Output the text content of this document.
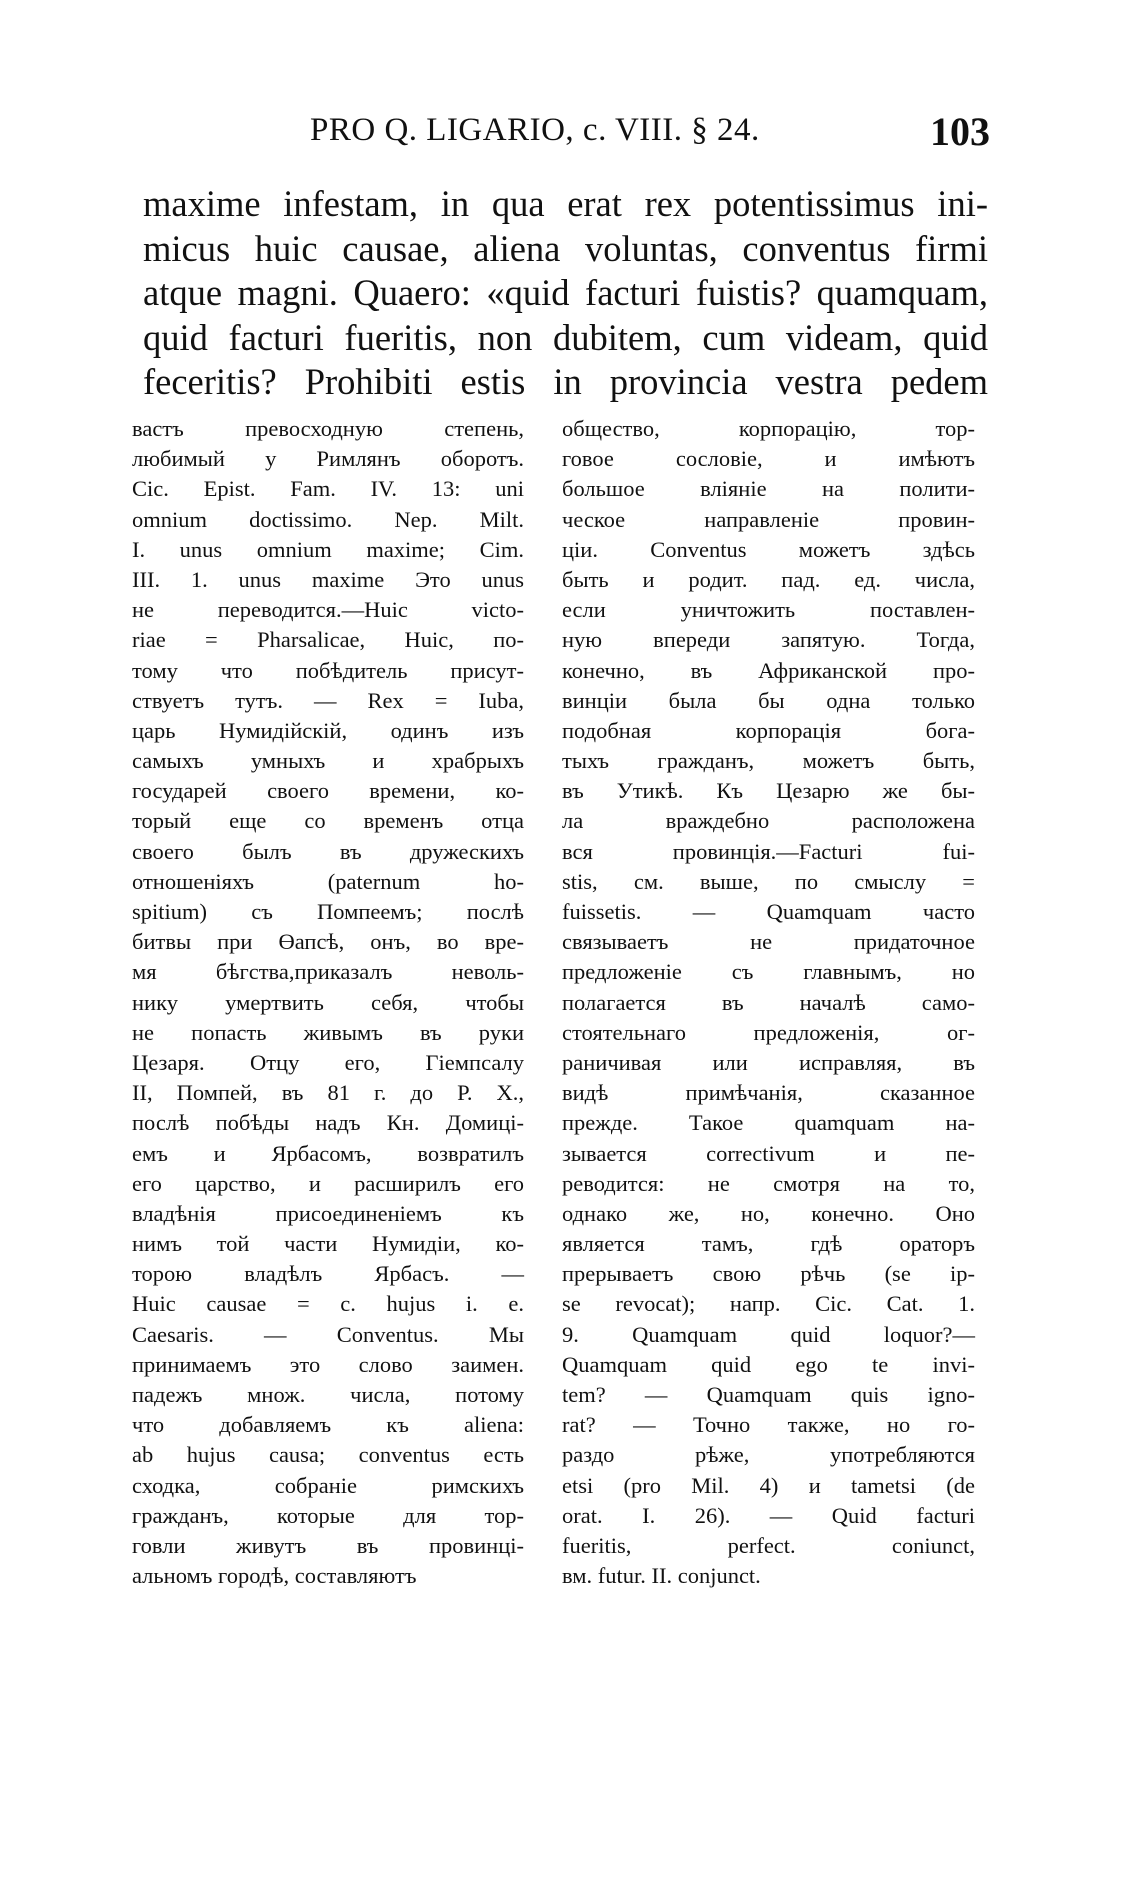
PRO Q. LIGARIO, c. VIII. § 24.	103
maxime infestam, in qua erat rex potentissimus ini-
micus huic causae, aliena voluntas, conventus firmi
atque magni. Quaero: «quid facturi fuistis? quamquam,
quid facturi fueritis, non dubitem, cum videam, quid
feceritis? Prohibiti estis in provincia vestra pedem
вастъ превосходную степень,
любимый у Римлянъ оборотъ.
Cic. Epist. Fam. IV. 13: uni
omnium doctissimo. Nep. Milt.
I. unus omnium maxime; Cim.
III. 1. unus maxime Это unus
не переводится.—Huic victo-
riae = Pharsalicae, Huic, по-
тому что побѣдитель присут-
ствуетъ тутъ. — Rex = Iuba,
царь Нумидійскій, одинъ изъ
самыхъ умныхъ и храбрыхъ
государей своего времени, ко-
торый еще со временъ отца
своего былъ въ дружескихъ
отношеніяхъ (paternum ho-
spitium) съ Помпеемъ; послѣ
битвы при Өапсѣ, онъ, во вре-
мя бѣгства,приказалъ неволь-
нику умертвить себя, чтобы
не попасть живымъ въ руки
Цезаря. Отцу его, Гіемпсалу
II, Помпей, въ 81 г. до Р. Х.,
послѣ побѣды надъ Кн. Домиці-
емъ и Ярбасомъ, возвратилъ
его царство, и расширилъ его
владѣнія присоединеніемъ къ
нимъ той части Нумидіи, ко-
торою владѣлъ Ярбасъ. —
Huic causae = c. hujus i. e.
Caesaris. — Conventus. Мы
принимаемъ это слово заимен.
падежъ множ. числа, потому
что добавляемъ къ aliena:
ab hujus causa; conventus есть
сходка, собраніе римскихъ
гражданъ, которые для тор-
говли живутъ въ провинці-
альномъ городѣ, составляютъ
общество, корпорацію, тор-
говое сословіе, и имѣютъ
большое вліяніе на полити-
ческое направленіе провин-
ціи. Conventus можетъ здѣсь
быть и родит. пад. ед. числа,
если уничтожить поставлен-
ную впереди запятую. Тогда,
конечно, въ Африканской про-
винціи была бы одна только
подобная корпорація бога-
тыхъ гражданъ, можетъ быть,
въ Утикѣ. Къ Цезарю же бы-
ла враждебно расположена
вся провинція.—Facturi fui-
stis, см. выше, по смыслу =
fuissetis. — Quamquam часто
связываетъ не придаточное
предложеніе съ главнымъ, но
полагается въ началѣ само-
стоятельнаго предложенія, ог-
раничивая или исправляя, въ
видѣ примѣчанія, сказанное
прежде. Такое quamquam на-
зывается correctivum и пе-
реводится: не смотря на то,
однако же, но, конечно. Оно
является тамъ, гдѣ ораторъ
прерываетъ свою рѣчь (se ip-
se revocat); напр. Cic. Cat. 1.
9. Quamquam quid loquor?—
Quamquam quid ego te invi-
tem? — Quamquam quis igno-
rat? — Точно также, но го-
раздо рѣже, употребляются
etsi (pro Mil. 4) и tametsi (de
orat. I. 26). — Quid facturi
fueritis, perfect. coniunct,
вм. futur. II. conjunct.
